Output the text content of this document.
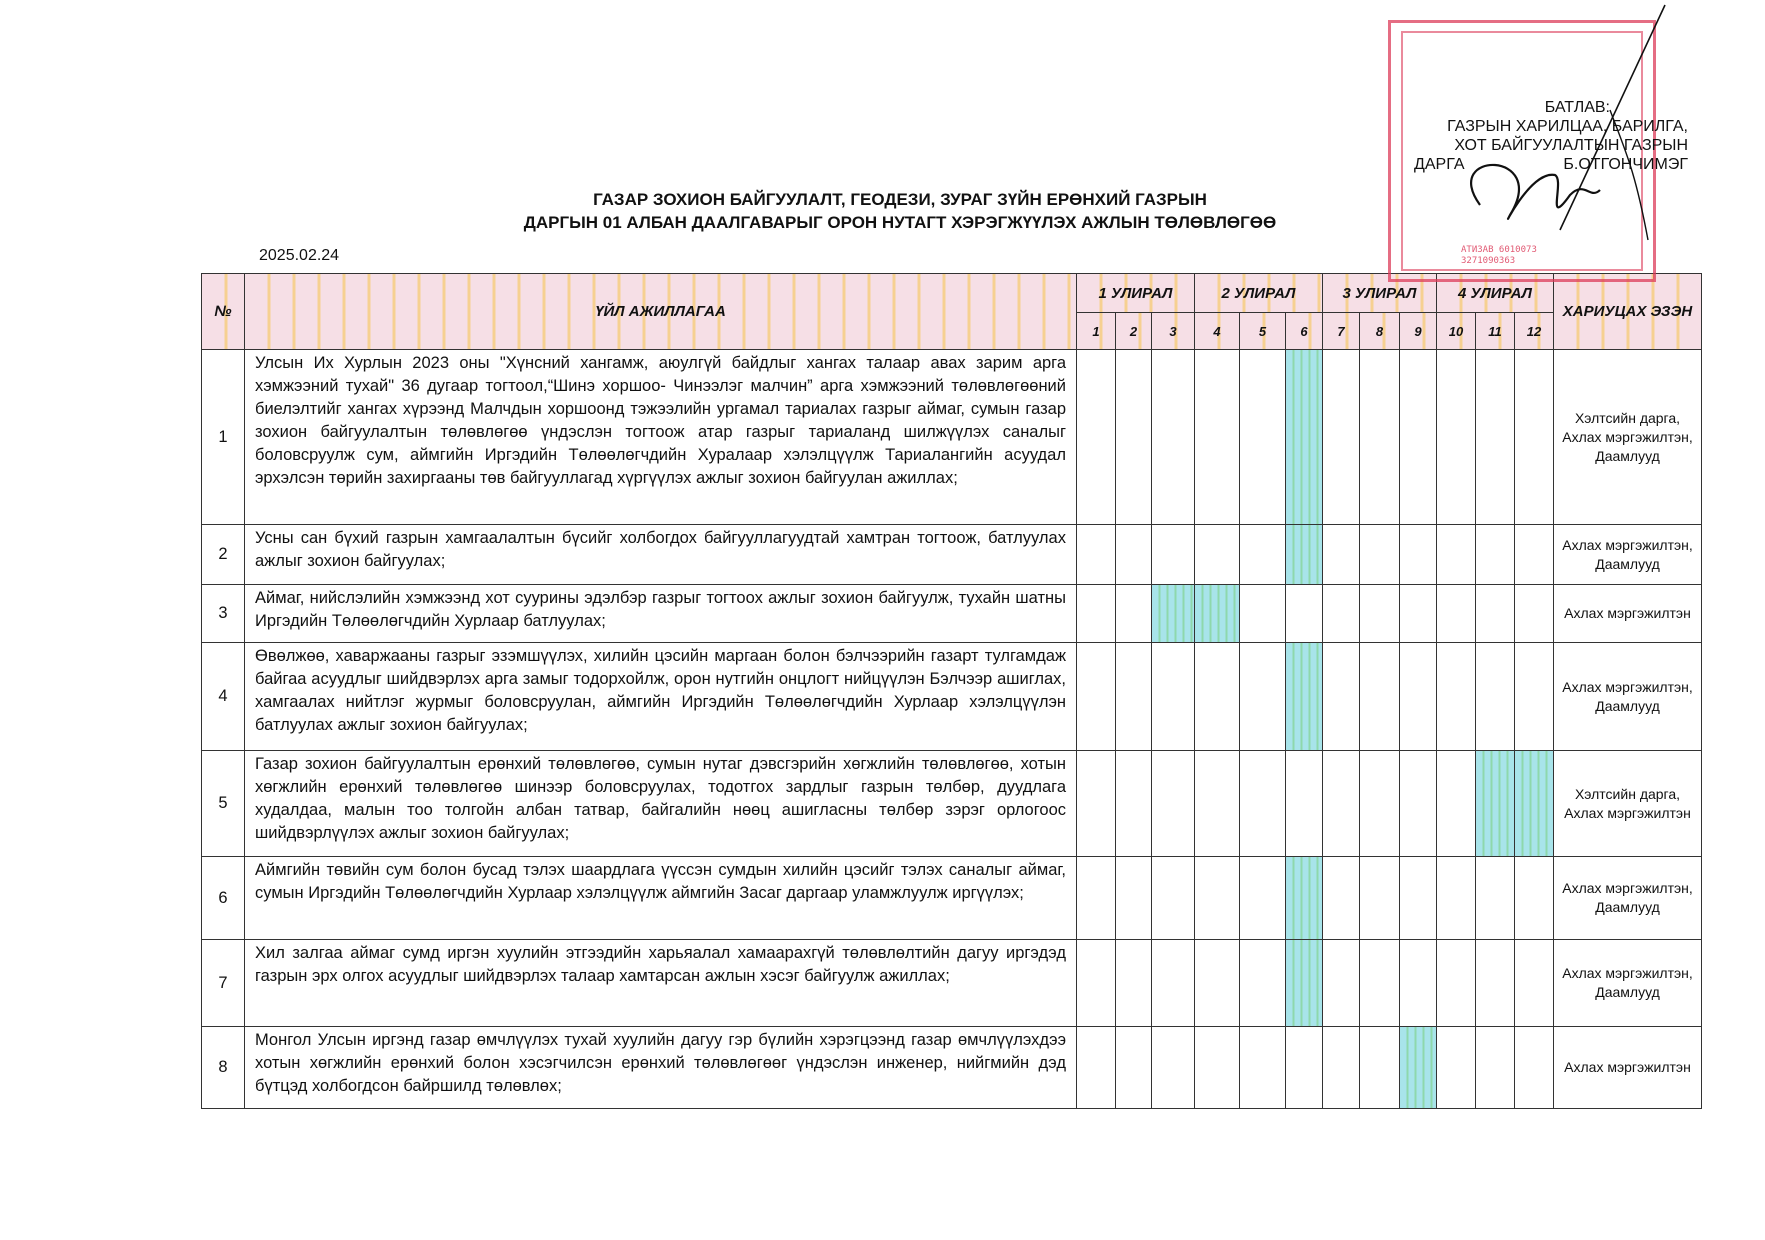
АТИЗАВ 6010073
3271090363
БАТЛАВ:
ГАЗРЫН ХАРИЛЦАА, БАРИЛГА,
ХОТ БАЙГУУЛАЛТЫН ГАЗРЫН
ДАРГА	Б.ОТГОНЧИМЭГ
ГАЗАР ЗОХИОН БАЙГУУЛАЛТ, ГЕОДЕЗИ, ЗУРАГ ЗҮЙН ЕРӨНХИЙ ГАЗРЫН
ДАРГЫН 01 АЛБАН ДААЛГАВАРЫГ ОРОН НУТАГТ ХЭРЭГЖҮҮЛЭХ АЖЛЫН ТӨЛӨВЛӨГӨӨ
2025.02.24
№	ҮЙЛ АЖИЛЛАГАА	1 УЛИРАЛ			2 УЛИРАЛ			3 УЛИРАЛ			4 УЛИРАЛ			ХАРИУЦАХ ЭЗЭН
		1	2	3	4	5	6	7	8	9	10	11	12	
1	Улсын Их Хурлын 2023 оны "Хүнсний хангамж, аюулгүй байдлыг хангах талаар авах зарим арга хэмжээний тухай" 36 дугаар тогтоол,“Шинэ хоршоо- Чинээлэг малчин” арга хэмжээний төлөвлөгөөний биелэлтийг хангах хүрээнд Малчдын хоршоонд тэжээлийн ургамал тариалах газрыг аймаг, сумын газар зохион байгуулалтын төлөвлөгөө үндэслэн тогтоож атар газрыг тариаланд шилжүүлэх саналыг боловсруулж сум, аймгийн Иргэдийн Төлөөлөгчдийн Хуралаар хэлэлцүүлж Тариалангийн асуудал эрхэлсэн төрийн захиргааны төв байгууллагад хүргүүлэх ажлыг зохион байгуулан ажиллах;													Хэлтсийн дарга, Ахлах мэргэжилтэн, Даамлууд
2	Усны сан бүхий газрын хамгаалалтын бүсийг холбогдох байгууллагуудтай хамтран тогтоож, батлуулах ажлыг зохион байгуулах;													Ахлах мэргэжилтэн, Даамлууд
3	Аймаг, нийслэлийн хэмжээнд хот суурины эдэлбэр газрыг тогтоох ажлыг зохион байгуулж, тухайн шатны Иргэдийн Төлөөлөгчдийн Хурлаар батлуулах;													Ахлах мэргэжилтэн
4	Өвөлжөө, хаваржааны газрыг эзэмшүүлэх, хилийн цэсийн маргаан болон бэлчээрийн газарт тулгамдаж байгаа асуудлыг шийдвэрлэх арга замыг тодорхойлж, орон нутгийн онцлогт нийцүүлэн Бэлчээр ашиглах, хамгаалах нийтлэг журмыг боловсруулан, аймгийн Иргэдийн Төлөөлөгчдийн Хурлаар хэлэлцүүлэн батлуулах ажлыг зохион байгуулах;													Ахлах мэргэжилтэн, Даамлууд
5	Газар зохион байгуулалтын ерөнхий төлөвлөгөө, сумын нутаг дэвсгэрийн хөгжлийн төлөвлөгөө, хотын хөгжлийн ерөнхий төлөвлөгөө шинээр боловсруулах, тодотгох зардлыг газрын төлбөр, дуудлага худалдаа, малын тоо толгойн албан татвар, байгалийн нөөц ашигласны төлбөр зэрэг орлогоос шийдвэрлүүлэх ажлыг зохион байгуулах;													Хэлтсийн дарга, Ахлах мэргэжилтэн
6	Аймгийн төвийн сум болон бусад тэлэх шаардлага үүссэн сумдын хилийн цэсийг тэлэх саналыг аймаг, сумын Иргэдийн Төлөөлөгчдийн Хурлаар хэлэлцүүлж аймгийн Засаг даргаар уламжлуулж иргүүлэх;													Ахлах мэргэжилтэн, Даамлууд
7	Хил залгаа аймаг сумд иргэн хуулийн этгээдийн харьяалал хамаарахгүй төлөвлөлтийн дагуу иргэдэд газрын эрх олгох асуудлыг шийдвэрлэх талаар хамтарсан ажлын хэсэг байгуулж ажиллах;													Ахлах мэргэжилтэн, Даамлууд
8	Монгол Улсын иргэнд газар өмчлүүлэх тухай хуулийн дагуу гэр бүлийн хэрэгцээнд газар өмчлүүлэхдээ хотын хөгжлийн ерөнхий болон хэсэгчилсэн ерөнхий төлөвлөгөөг үндэслэн инженер, нийгмийн дэд бүтцэд холбогдсон байршилд төлөвлөх;													Ахлах мэргэжилтэн
